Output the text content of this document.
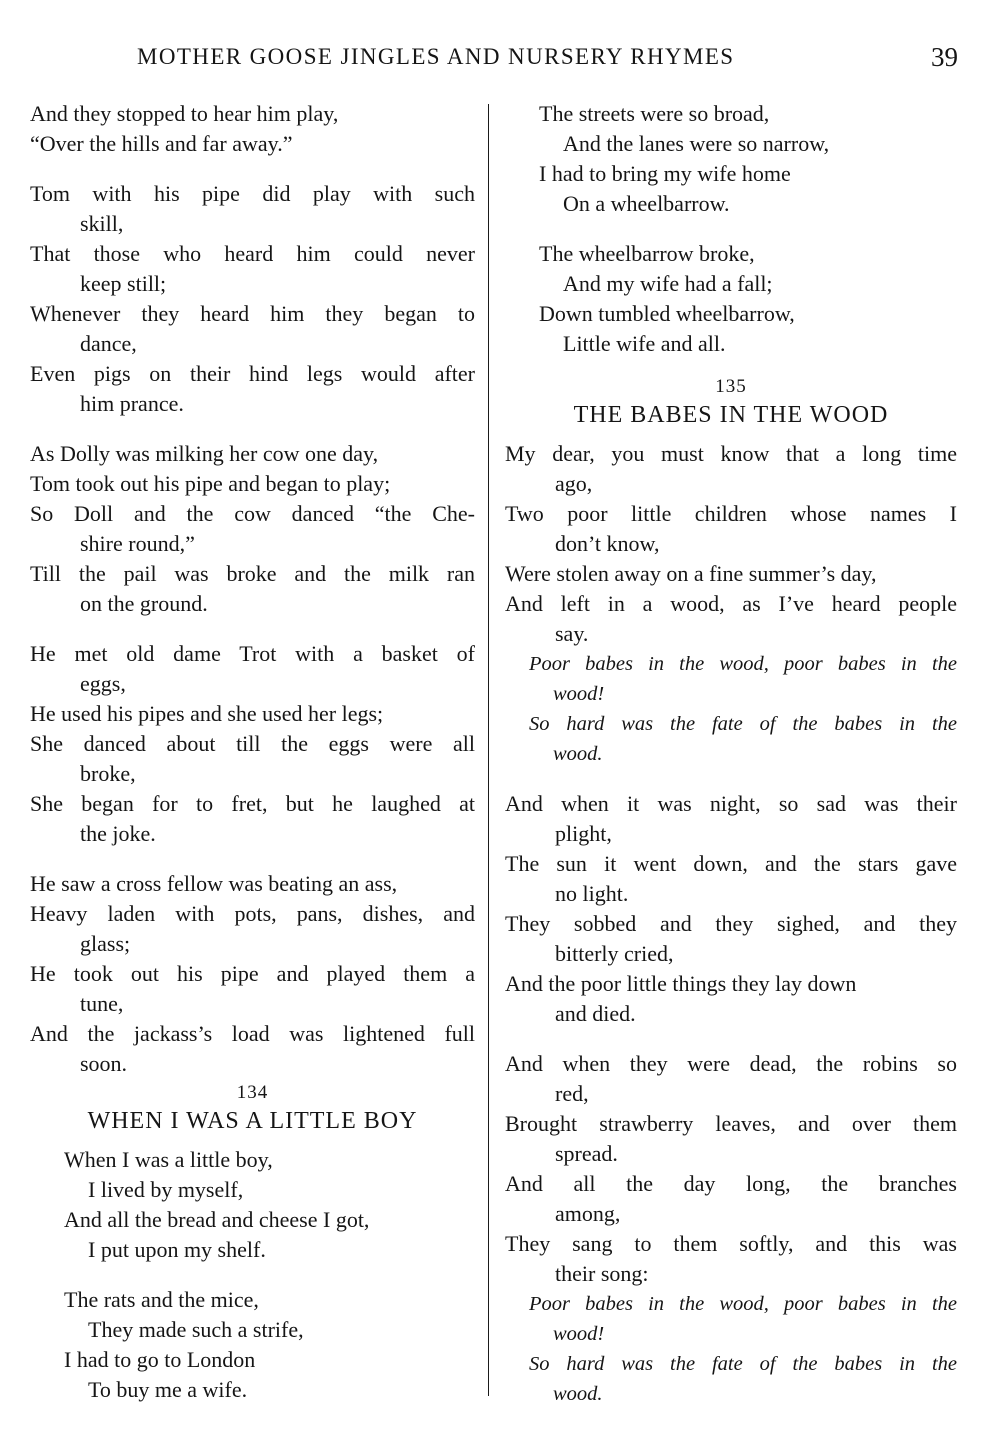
MOTHER GOOSE JINGLES AND NURSERY RHYMES	39
And they stopped to hear him play,
“Over the hills and far away.”
Tom with his pipe did play with such
skill,
That those who heard him could never
keep still;
Whenever they heard him they began to
dance,
Even pigs on their hind legs would after
him prance.
As Dolly was milking her cow one day,
Tom took out his pipe and began to play;
So Doll and the cow danced “the Che-
shire round,”
Till the pail was broke and the milk ran
on the ground.
He met old dame Trot with a basket of
eggs,
He used his pipes and she used her legs;
She danced about till the eggs were all
broke,
She began for to fret, but he laughed at
the joke.
He saw a cross fellow was beating an ass,
Heavy laden with pots, pans, dishes, and
glass;
He took out his pipe and played them a
tune,
And the jackass’s load was lightened full
soon.
134
WHEN I WAS A LITTLE BOY
When I was a little boy,
I lived by myself,
And all the bread and cheese I got,
I put upon my shelf.
The rats and the mice,
They made such a strife,
I had to go to London
To buy me a wife.
The streets were so broad,
And the lanes were so narrow,
I had to bring my wife home
On a wheelbarrow.
The wheelbarrow broke,
And my wife had a fall;
Down tumbled wheelbarrow,
Little wife and all.
135
THE BABES IN THE WOOD
My dear, you must know that a long time
ago,
Two poor little children whose names I
don’t know,
Were stolen away on a fine summer’s day,
And left in a wood, as I’ve heard people
say.
Poor babes in the wood, poor babes in the
wood!
So hard was the fate of the babes in the
wood.
And when it was night, so sad was their
plight,
The sun it went down, and the stars gave
no light.
They sobbed and they sighed, and they
bitterly cried,
And the poor little things they lay down
and died.
And when they were dead, the robins so
red,
Brought strawberry leaves, and over them
spread.
And all the day long, the branches
among,
They sang to them softly, and this was
their song:
Poor babes in the wood, poor babes in the
wood!
So hard was the fate of the babes in the
wood.
